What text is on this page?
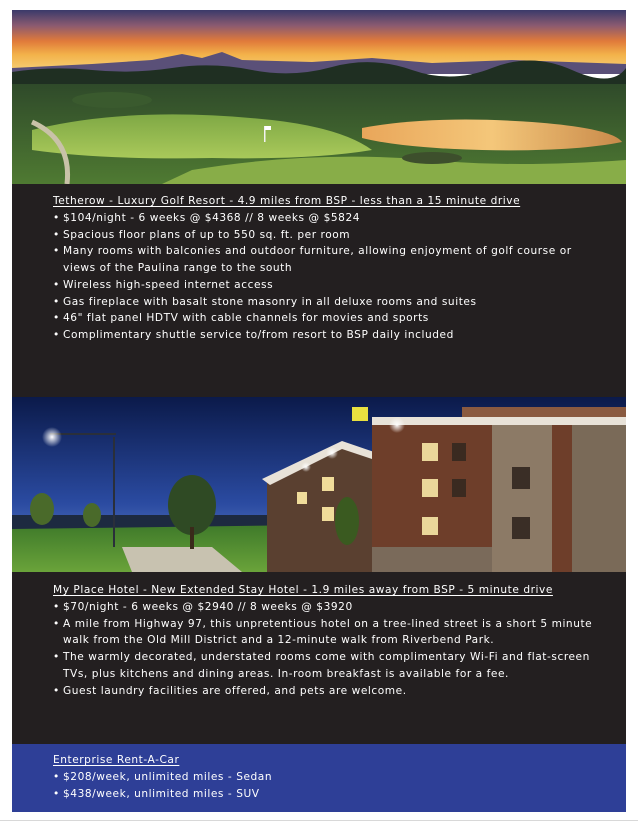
Tetherow - Luxury Golf Resort - 4.9 miles from BSP - less than a 15 minute drive
• $104/night - 6 weeks @ $4368 // 8 weeks @ $5824
• Spacious floor plans of up to 550 sq. ft. per room
• Many rooms with balconies and outdoor furniture, allowing enjoyment of golf course or views of the Paulina range to the south
• Wireless high-speed internet access
• Gas fireplace with basalt stone masonry in all deluxe rooms and suites
• 46" flat panel HDTV with cable channels for movies and sports
• Complimentary shuttle service to/from resort to BSP daily included
My Place Hotel - New Extended Stay Hotel - 1.9 miles away from BSP - 5 minute drive
• $70/night - 6 weeks @ $2940 // 8 weeks @ $3920
• A mile from Highway 97, this unpretentious hotel on a tree-lined street is a short 5 minute walk from the Old Mill District and a 12-minute walk from Riverbend Park.
• The warmly decorated, understated rooms come with complimentary Wi-Fi and flat-screen TVs, plus kitchens and dining areas. In-room breakfast is available for a fee.
• Guest laundry facilities are offered, and pets are welcome.
Enterprise Rent-A-Car
• $208/week, unlimited miles - Sedan
• $438/week, unlimited miles - SUV
